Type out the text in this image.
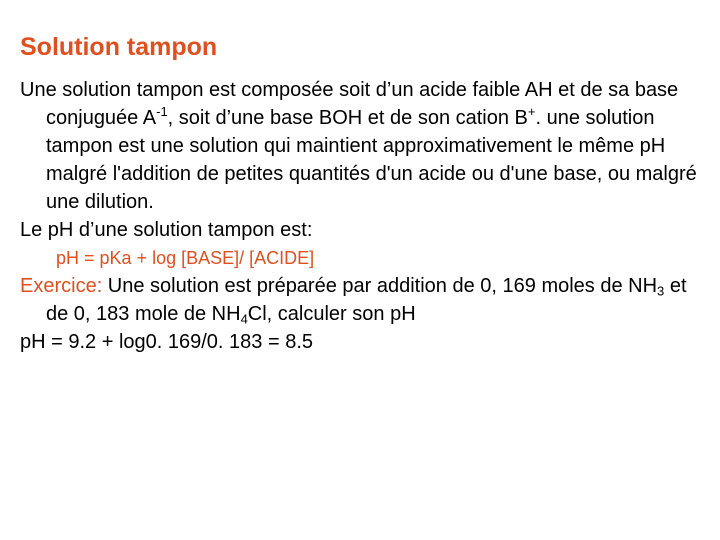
Solution tampon

Une solution tampon est composée soit d’un acide faible AH et de sa base conjuguée $A^{-1}$, soit d’une base BOH et de son cation B+. une solution tampon est une solution qui maintient approximativement le même pH malgré l'addition de petites quantités d'un acide ou d'une base, ou malgré une dilution.

Le pH d’une solution tampon est:

pH = pKa + log [BASE]/ [ACIDE]

Exercice: Une solution est préparée par addition de 0, 169 moles de $NH_3$ et de 0, 183 mole de $NH_4Cl$, calculer son pH

pH = 9.2 + log0. 169/0. 183 = 8.5
